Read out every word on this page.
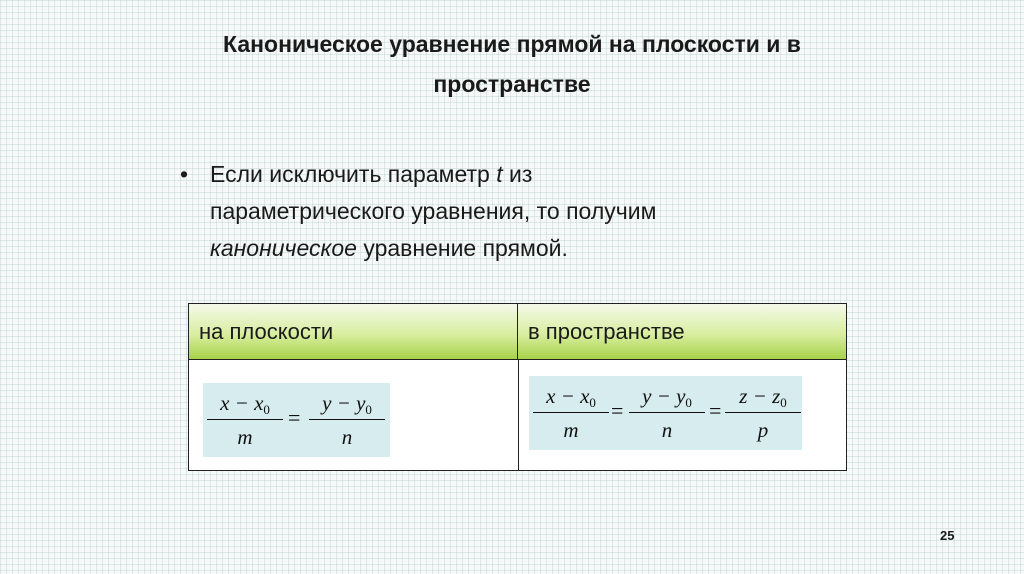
Каноническое уравнение прямой на плоскости и в
пространстве
• Если исключить параметр t из
параметрического уравнения, то получим
каноническое уравнение прямой.
на плоскости	в пространстве
$x - x_0$
m
=
$y - y_0$
n
$x - x_0$
m
=
$y - y_0$
n
=
$z - z_0$
p
25
